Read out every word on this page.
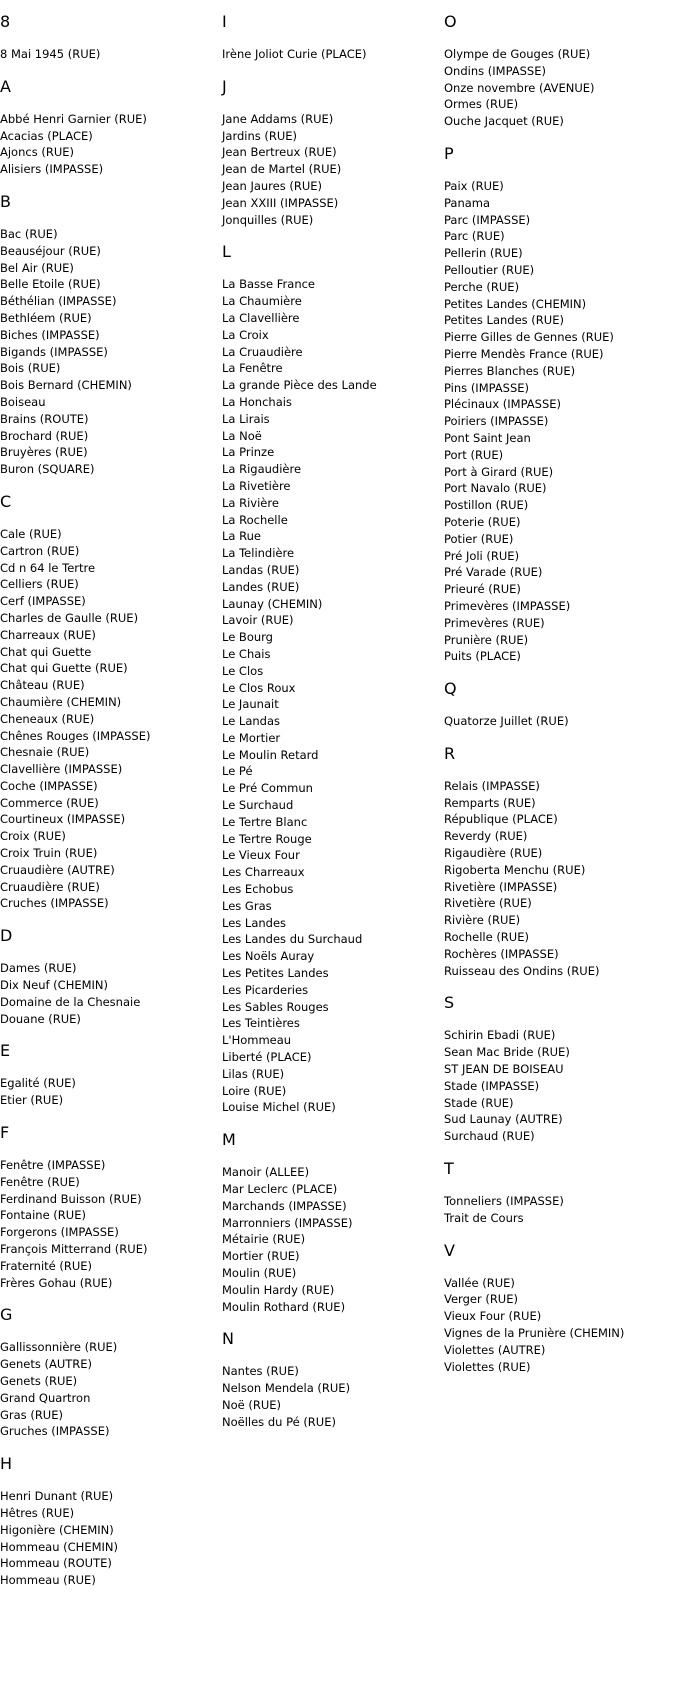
8
8 Mai 1945 (RUE)
A
Abbé Henri Garnier (RUE)
Acacias (PLACE)
Ajoncs (RUE)
Alisiers (IMPASSE)
B
Bac (RUE)
Beauséjour (RUE)
Bel Air (RUE)
Belle Etoile (RUE)
Béthélian (IMPASSE)
Bethléem (RUE)
Biches (IMPASSE)
Bigands (IMPASSE)
Bois (RUE)
Bois Bernard (CHEMIN)
Boiseau
Brains (ROUTE)
Brochard (RUE)
Bruyères (RUE)
Buron (SQUARE)
C
Cale (RUE)
Cartron (RUE)
Cd n 64 le Tertre
Celliers (RUE)
Cerf (IMPASSE)
Charles de Gaulle (RUE)
Charreaux (RUE)
Chat qui Guette
Chat qui Guette (RUE)
Château (RUE)
Chaumière (CHEMIN)
Cheneaux (RUE)
Chênes Rouges (IMPASSE)
Chesnaie (RUE)
Clavellière (IMPASSE)
Coche (IMPASSE)
Commerce (RUE)
Courtineux (IMPASSE)
Croix (RUE)
Croix Truin (RUE)
Cruaudière (AUTRE)
Cruaudière (RUE)
Cruches (IMPASSE)
D
Dames (RUE)
Dix Neuf (CHEMIN)
Domaine de la Chesnaie
Douane (RUE)
E
Egalité (RUE)
Etier (RUE)
F
Fenêtre (IMPASSE)
Fenêtre (RUE)
Ferdinand Buisson (RUE)
Fontaine (RUE)
Forgerons (IMPASSE)
François Mitterrand (RUE)
Fraternité (RUE)
Frères Gohau (RUE)
G
Gallissonnière (RUE)
Genets (AUTRE)
Genets (RUE)
Grand Quartron
Gras (RUE)
Gruches (IMPASSE)
H
Henri Dunant (RUE)
Hêtres (RUE)
Higonière (CHEMIN)
Hommeau (CHEMIN)
Hommeau (ROUTE)
Hommeau (RUE)
I
Irène Joliot Curie (PLACE)
J
Jane Addams (RUE)
Jardins (RUE)
Jean Bertreux (RUE)
Jean de Martel (RUE)
Jean Jaures (RUE)
Jean XXIII (IMPASSE)
Jonquilles (RUE)
L
La Basse France
La Chaumière
La Clavellière
La Croix
La Cruaudière
La Fenêtre
La grande Pièce des Lande
La Honchais
La Lirais
La Noë
La Prinze
La Rigaudière
La Rivetière
La Rivière
La Rochelle
La Rue
La Telindière
Landas (RUE)
Landes (RUE)
Launay (CHEMIN)
Lavoir (RUE)
Le Bourg
Le Chais
Le Clos
Le Clos Roux
Le Jaunait
Le Landas
Le Mortier
Le Moulin Retard
Le Pé
Le Pré Commun
Le Surchaud
Le Tertre Blanc
Le Tertre Rouge
Le Vieux Four
Les Charreaux
Les Echobus
Les Gras
Les Landes
Les Landes du Surchaud
Les Noëls Auray
Les Petites Landes
Les Picarderies
Les Sables Rouges
Les Teintières
L'Hommeau
Liberté (PLACE)
Lilas (RUE)
Loire (RUE)
Louise Michel (RUE)
M
Manoir (ALLEE)
Mar Leclerc (PLACE)
Marchands (IMPASSE)
Marronniers (IMPASSE)
Métairie (RUE)
Mortier (RUE)
Moulin (RUE)
Moulin Hardy (RUE)
Moulin Rothard (RUE)
N
Nantes (RUE)
Nelson Mendela (RUE)
Noë (RUE)
Noëlles du Pé (RUE)
O
Olympe de Gouges (RUE)
Ondins (IMPASSE)
Onze novembre (AVENUE)
Ormes (RUE)
Ouche Jacquet (RUE)
P
Paix (RUE)
Panama
Parc (IMPASSE)
Parc (RUE)
Pellerin (RUE)
Pelloutier (RUE)
Perche (RUE)
Petites Landes (CHEMIN)
Petites Landes (RUE)
Pierre Gilles de Gennes (RUE)
Pierre Mendès France (RUE)
Pierres Blanches (RUE)
Pins (IMPASSE)
Plécinaux (IMPASSE)
Poiriers (IMPASSE)
Pont Saint Jean
Port (RUE)
Port à Girard (RUE)
Port Navalo (RUE)
Postillon (RUE)
Poterie (RUE)
Potier (RUE)
Pré Joli (RUE)
Pré Varade (RUE)
Prieuré (RUE)
Primevères (IMPASSE)
Primevères (RUE)
Prunière (RUE)
Puits (PLACE)
Q
Quatorze Juillet (RUE)
R
Relais (IMPASSE)
Remparts (RUE)
République (PLACE)
Reverdy (RUE)
Rigaudière (RUE)
Rigoberta Menchu (RUE)
Rivetière (IMPASSE)
Rivetière (RUE)
Rivière (RUE)
Rochelle (RUE)
Rochères (IMPASSE)
Ruisseau des Ondins (RUE)
S
Schirin Ebadi (RUE)
Sean Mac Bride (RUE)
ST JEAN DE BOISEAU
Stade (IMPASSE)
Stade (RUE)
Sud Launay (AUTRE)
Surchaud (RUE)
T
Tonneliers (IMPASSE)
Trait de Cours
V
Vallée (RUE)
Verger (RUE)
Vieux Four (RUE)
Vignes de la Prunière (CHEMIN)
Violettes (AUTRE)
Violettes (RUE)
